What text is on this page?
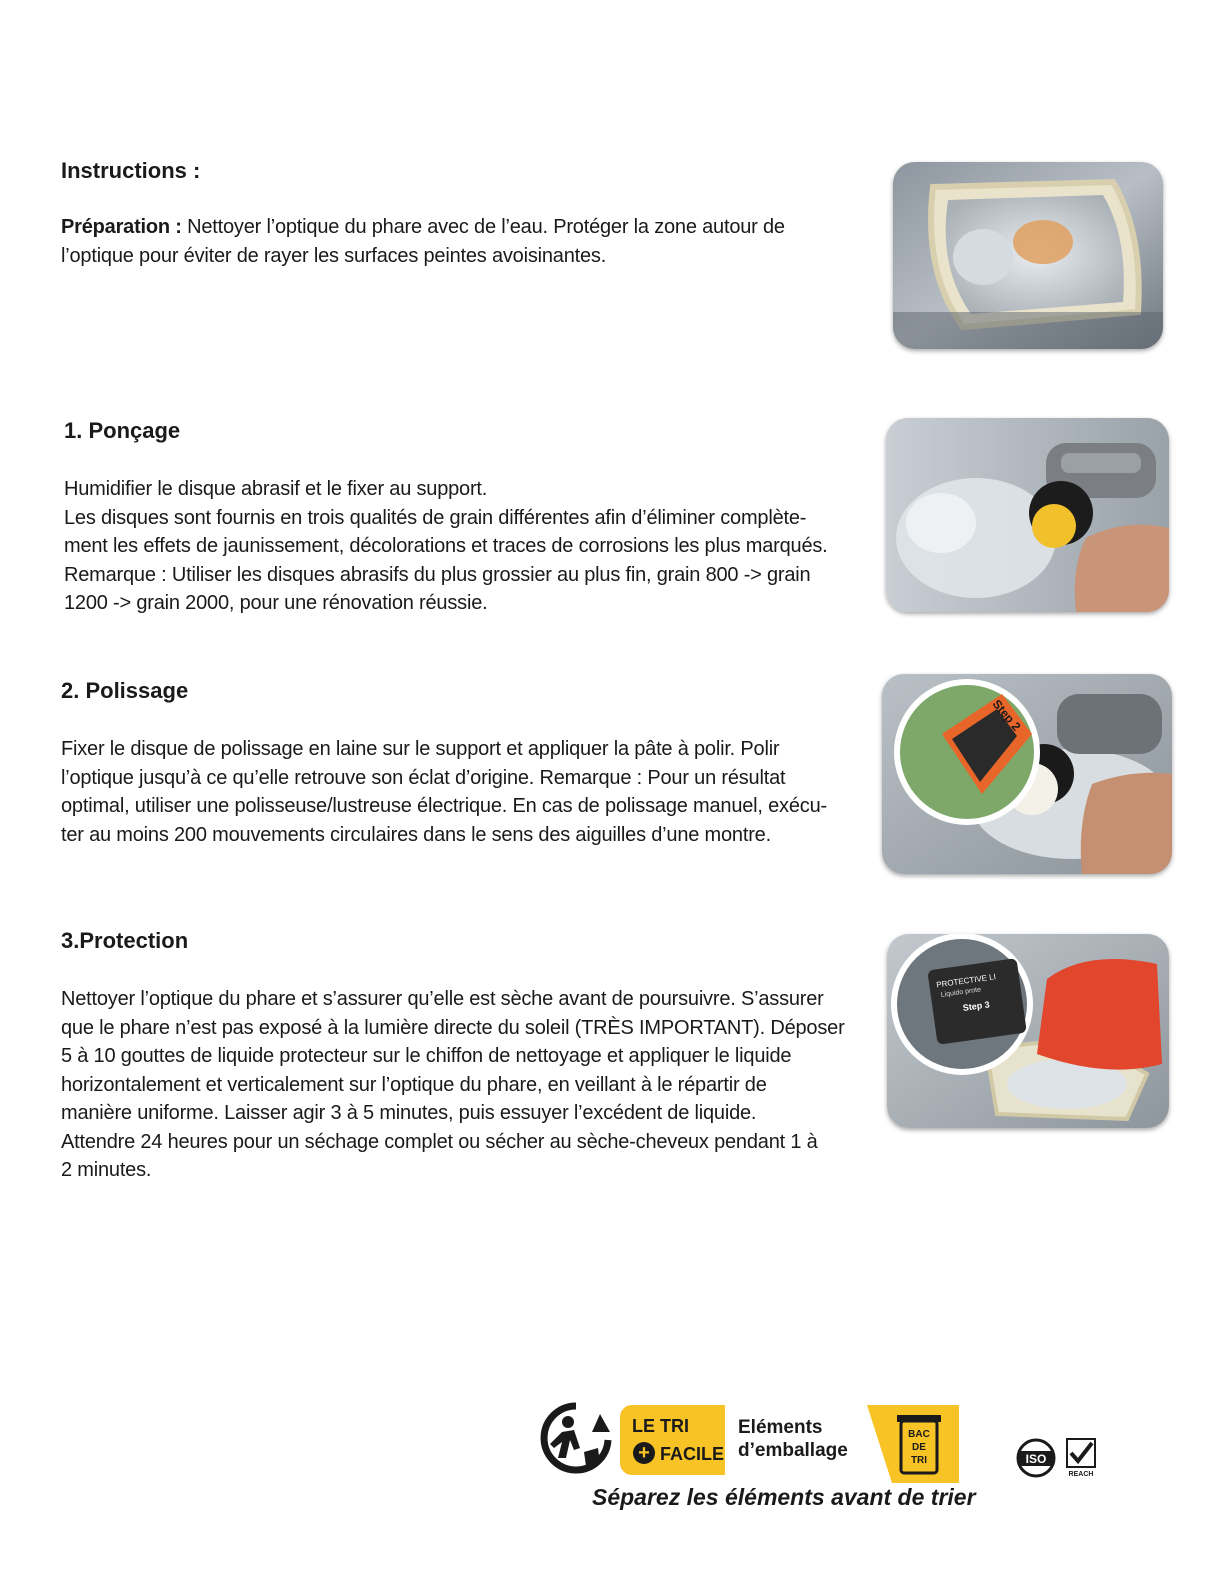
Instructions :

Préparation : Nettoyer l’optique du phare avec de l’eau. Protéger la zone autour de
l’optique pour éviter de rayer les surfaces peintes avoisinantes.

1. Ponçage

Humidifier le disque abrasif et le fixer au support.
Les disques sont fournis en trois qualités de grain différentes afin d’éliminer complète-
ment les effets de jaunissement, décolorations et traces de corrosions les plus marqués.
Remarque : Utiliser les disques abrasifs du plus grossier au plus fin, grain 800 -> grain
1200 -> grain 2000, pour une rénovation réussie.

2. Polissage

Fixer le disque de polissage en laine sur le support et appliquer la pâte à polir. Polir
l’optique jusqu’à ce qu’elle retrouve son éclat d’origine. Remarque : Pour un résultat
optimal, utiliser une polisseuse/lustreuse électrique. En cas de polissage manuel, exécu-
ter au moins 200 mouvements circulaires dans le sens des aiguilles d’une montre.

3.Protection

Nettoyer l’optique du phare et s’assurer qu’elle est sèche avant de poursuivre. S’assurer
que le phare n’est pas exposé à la lumière directe du soleil (TRÈS IMPORTANT). Déposer
5 à 10 gouttes de liquide protecteur sur le chiffon de nettoyage et appliquer le liquide
horizontalement et verticalement sur l’optique du phare, en veillant à le répartir de
manière uniforme. Laisser agir 3 à 5 minutes, puis essuyer l’excédent de liquide.
Attendre 24 heures pour un séchage complet ou sécher au sèche-cheveux pendant 1 à
2 minutes.

Step 2
PROTECTIVE LI
Liquido prote
Step 3
LE TRI
+ FACILE
Eléments
d’emballage
BAC
DE
TRI
Séparez les éléments avant de trier
ISO
REACH
